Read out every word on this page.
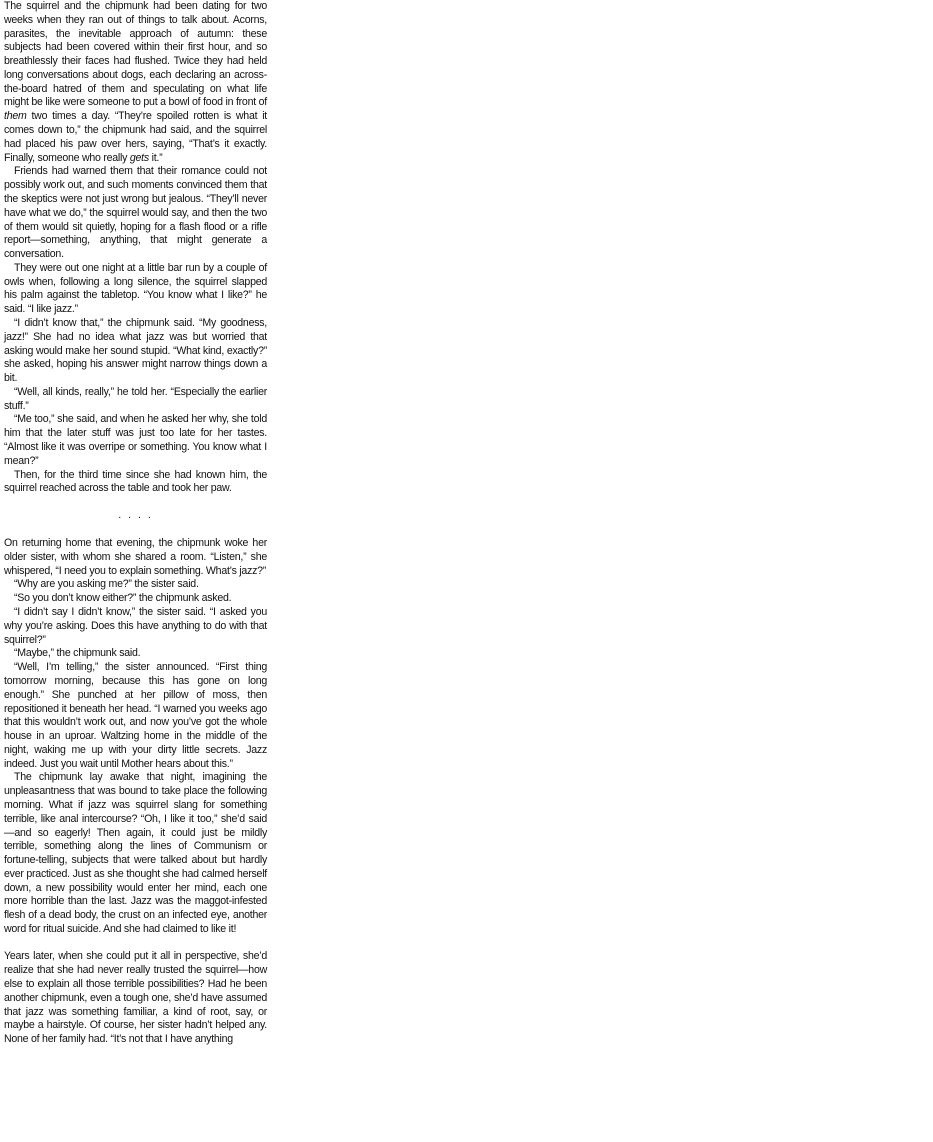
The squirrel and the chipmunk had been dating for two weeks when they ran out of things to talk about. Acorns, parasites, the inevitable approach of autumn: these subjects had been covered within their first hour, and so breathlessly their faces had flushed. Twice they had held long conversations about dogs, each declaring an across-the-board hatred of them and speculating on what life might be like were someone to put a bowl of food in front of them two times a day. “They’re spoiled rotten is what it comes down to,” the chipmunk had said, and the squirrel had placed his paw over hers, saying, “That’s it exactly. Finally, someone who really gets it.”

Friends had warned them that their romance could not possibly work out, and such moments convinced them that the skeptics were not just wrong but jealous. “They’ll never have what we do,” the squirrel would say, and then the two of them would sit quietly, hoping for a flash flood or a rifle report—something, anything, that might generate a conversation.

They were out one night at a little bar run by a couple of owls when, following a long silence, the squirrel slapped his palm against the tabletop. “You know what I like?” he said. “I like jazz.”

“I didn’t know that,” the chipmunk said. “My goodness, jazz!” She had no idea what jazz was but worried that asking would make her sound stupid. “What kind, exactly?” she asked, hoping his answer might narrow things down a bit.

“Well, all kinds, really,” he told her. “Especially the earlier stuff.”

“Me too,” she said, and when he asked her why, she told him that the later stuff was just too late for her tastes. “Almost like it was overripe or something. You know what I mean?”

Then, for the third time since she had known him, the squirrel reached across the table and took her paw.

. . . .

On returning home that evening, the chipmunk woke her older sister, with whom she shared a room. “Listen,” she whispered, “I need you to explain something. What’s jazz?”

“Why are you asking me?” the sister said.

“So you don’t know either?” the chipmunk asked.

“I didn’t say I didn’t know,” the sister said. “I asked you why you’re asking. Does this have anything to do with that squirrel?”

“Maybe,” the chipmunk said.

“Well, I’m telling,” the sister announced. “First thing tomorrow morning, because this has gone on long enough.” She punched at her pillow of moss, then repositioned it beneath her head. “I warned you weeks ago that this wouldn’t work out, and now you’ve got the whole house in an uproar. Waltzing home in the middle of the night, waking me up with your dirty little secrets. Jazz indeed. Just you wait until Mother hears about this.”

The chipmunk lay awake that night, imagining the unpleasantness that was bound to take place the following morning. What if jazz was squirrel slang for something terrible, like anal intercourse? “Oh, I like it too,” she’d said—and so eagerly! Then again, it could just be mildly terrible, something along the lines of Communism or fortune-telling, subjects that were talked about but hardly ever practiced. Just as she thought she had calmed herself down, a new possibility would enter her mind, each one more horrible than the last. Jazz was the maggot-infested flesh of a dead body, the crust on an infected eye, another word for ritual suicide. And she had claimed to like it!

Years later, when she could put it all in perspective, she’d realize that she had never really trusted the squirrel—how else to explain all those terrible possibilities? Had he been another chipmunk, even a tough one, she’d have assumed that jazz was something familiar, a kind of root, say, or maybe a hairstyle. Of course, her sister hadn’t helped any. None of her family had. “It’s not that I have anything
